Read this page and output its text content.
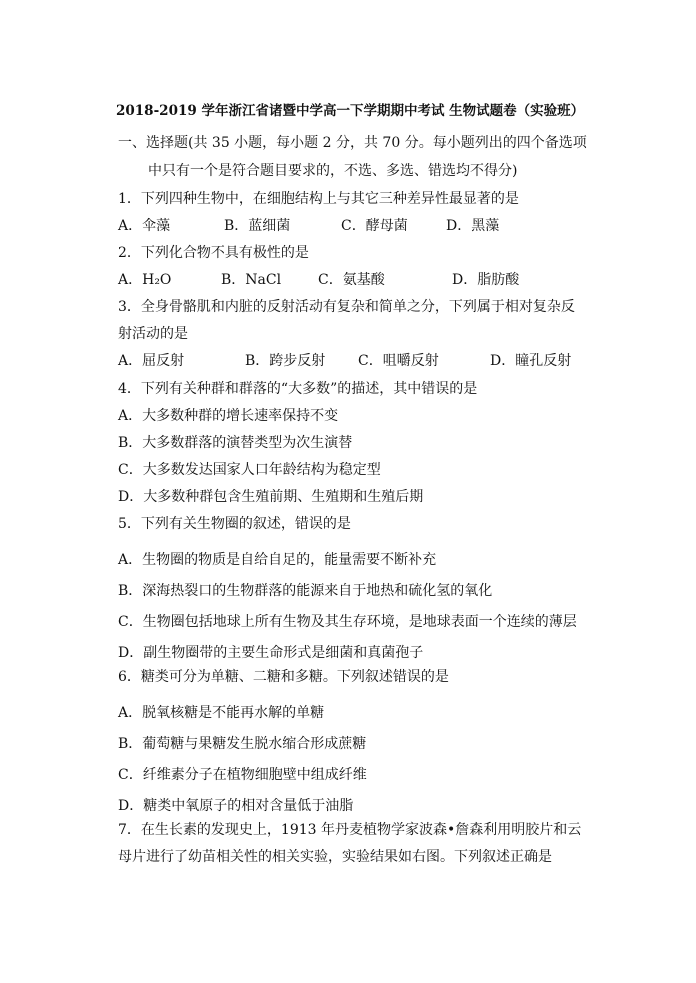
2018-2019 学年浙江省诸暨中学高一下学期期中考试 生物试题卷（实验班）
一、选择题(共 35 小题，每小题 2 分，共 70 分。每小题列出的四个备选项
中只有一个是符合题目要求的，不选、多选、错选均不得分)
1．下列四种生物中，在细胞结构上与其它三种差异性最显著的是
A．伞藻	B．蓝细菌	C．酵母菌	D．黑藻
2．下列化合物不具有极性的是
A．H₂O	B．NaCl	C．氨基酸	D．脂肪酸
3．全身骨骼肌和内脏的反射活动有复杂和简单之分，下列属于相对复杂反
射活动的是
A．屈反射	B．跨步反射 C．咀嚼反射	D．瞳孔反射
4．下列有关种群和群落的“大多数”的描述，其中错误的是
A．大多数种群的增长速率保持不变
B．大多数群落的演替类型为次生演替
C．大多数发达国家人口年龄结构为稳定型
D．大多数种群包含生殖前期、生殖期和生殖后期
5．下列有关生物圈的叙述，错误的是
A．生物圈的物质是自给自足的，能量需要不断补充
B．深海热裂口的生物群落的能源来自于地热和硫化氢的氧化
C．生物圈包括地球上所有生物及其生存环境，是地球表面一个连续的薄层
D．副生物圈带的主要生命形式是细菌和真菌孢子
6．糖类可分为单糖、二糖和多糖。下列叙述错误的是
A．脱氧核糖是不能再水解的单糖
B．葡萄糖与果糖发生脱水缩合形成蔗糖
C．纤维素分子在植物细胞壁中组成纤维
D．糖类中氧原子的相对含量低于油脂
7．在生长素的发现史上，1913 年丹麦植物学家波森•詹森利用明胶片和云
母片进行了幼苗相关性的相关实验，实验结果如右图。下列叙述正确是
